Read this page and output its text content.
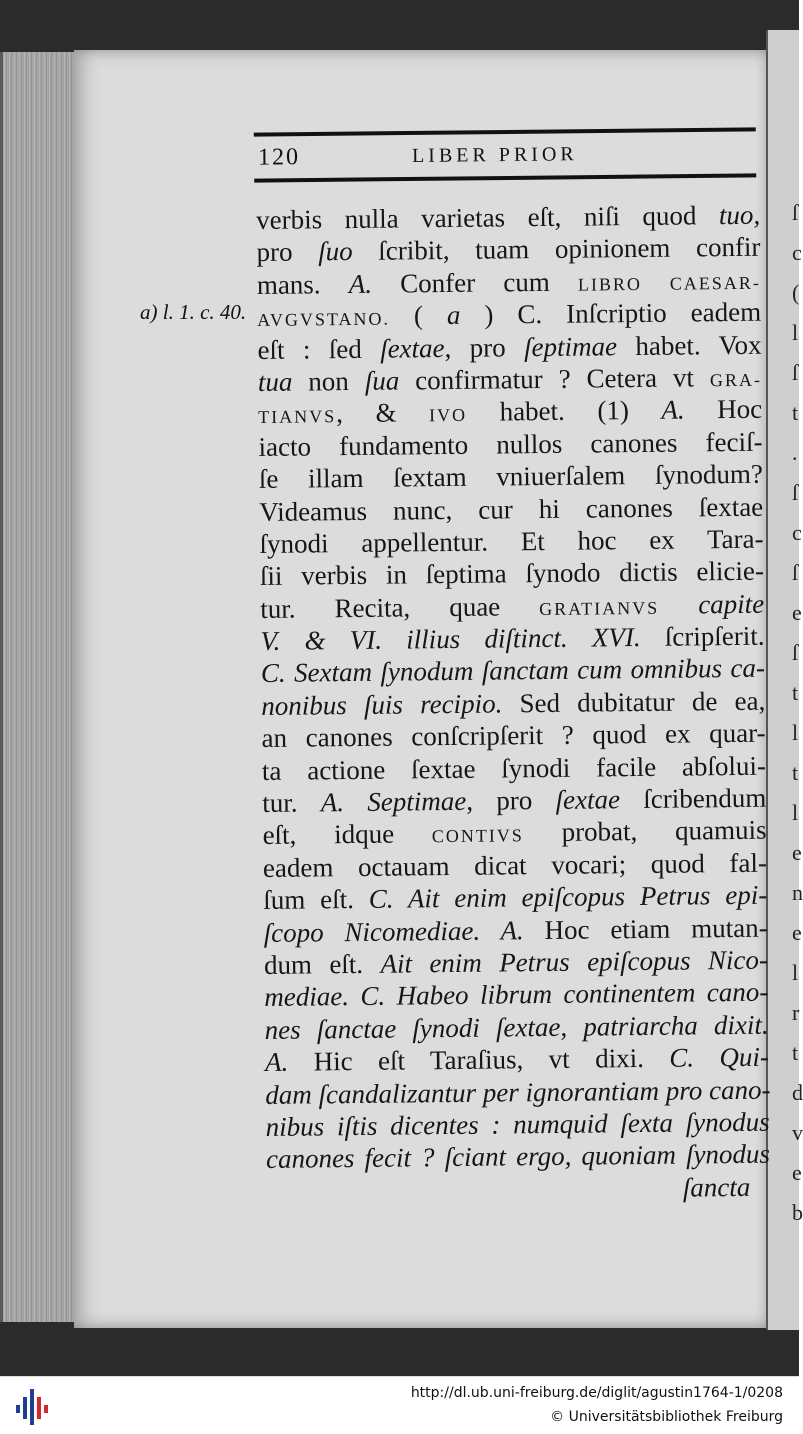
ſ
c
(
l
ſ
t
.
ſ
c
ſ
e
ſ
t
l
t
l
e
n
e
l
r
t
d
v
e
b
120	LIBER PRIOR
a) l. 1. c. 40.
verbis nulla varietas eſt, niſi quod tuo,
pro ſuo ſcribit, tuam opinionem confir
mans. A. Confer cum LIBRO CAESAR-
AVGVSTANO. ( a ) C. Inſcriptio eadem
eſt : ſed ſextae, pro ſeptimae habet. Vox
tua non ſua confirmatur ? Cetera vt GRA-
TIANVS, & IVO habet. (1) A. Hoc
iacto fundamento nullos canones feciſ-
ſe illam ſextam vniuerſalem ſynodum?
Videamus nunc, cur hi canones ſextae
ſynodi appellentur. Et hoc ex Tara-
ſii verbis in ſeptima ſynodo dictis elicie-
tur. Recita, quae GRATIANVS capite
V. & VI. illius diſtinct. XVI. ſcripſerit.
C. Sextam ſynodum ſanctam cum omnibus ca-
nonibus ſuis recipio. Sed dubitatur de ea,
an canones conſcripſerit ? quod ex quar-
ta actione ſextae ſynodi facile abſolui-
tur. A. Septimae, pro ſextae ſcribendum
eſt, idque CONTIVS probat, quamuis
eadem octauam dicat vocari; quod fal-
ſum eſt. C. Ait enim epiſcopus Petrus epi-
ſcopo Nicomediae. A. Hoc etiam mutan-
dum eſt. Ait enim Petrus epiſcopus Nico-
mediae. C. Habeo librum continentem cano-
nes ſanctae ſynodi ſextae, patriarcha dixit.
A. Hic eſt Taraſius, vt dixi. C. Qui-
dam ſcandalizantur per ignorantiam pro cano-
nibus iſtis dicentes : numquid ſexta ſynodus
canones fecit ? ſciant ergo, quoniam ſynodus
ſancta
http://dl.ub.uni-freiburg.de/diglit/agustin1764-1/0208
© Universitätsbibliothek Freiburg
